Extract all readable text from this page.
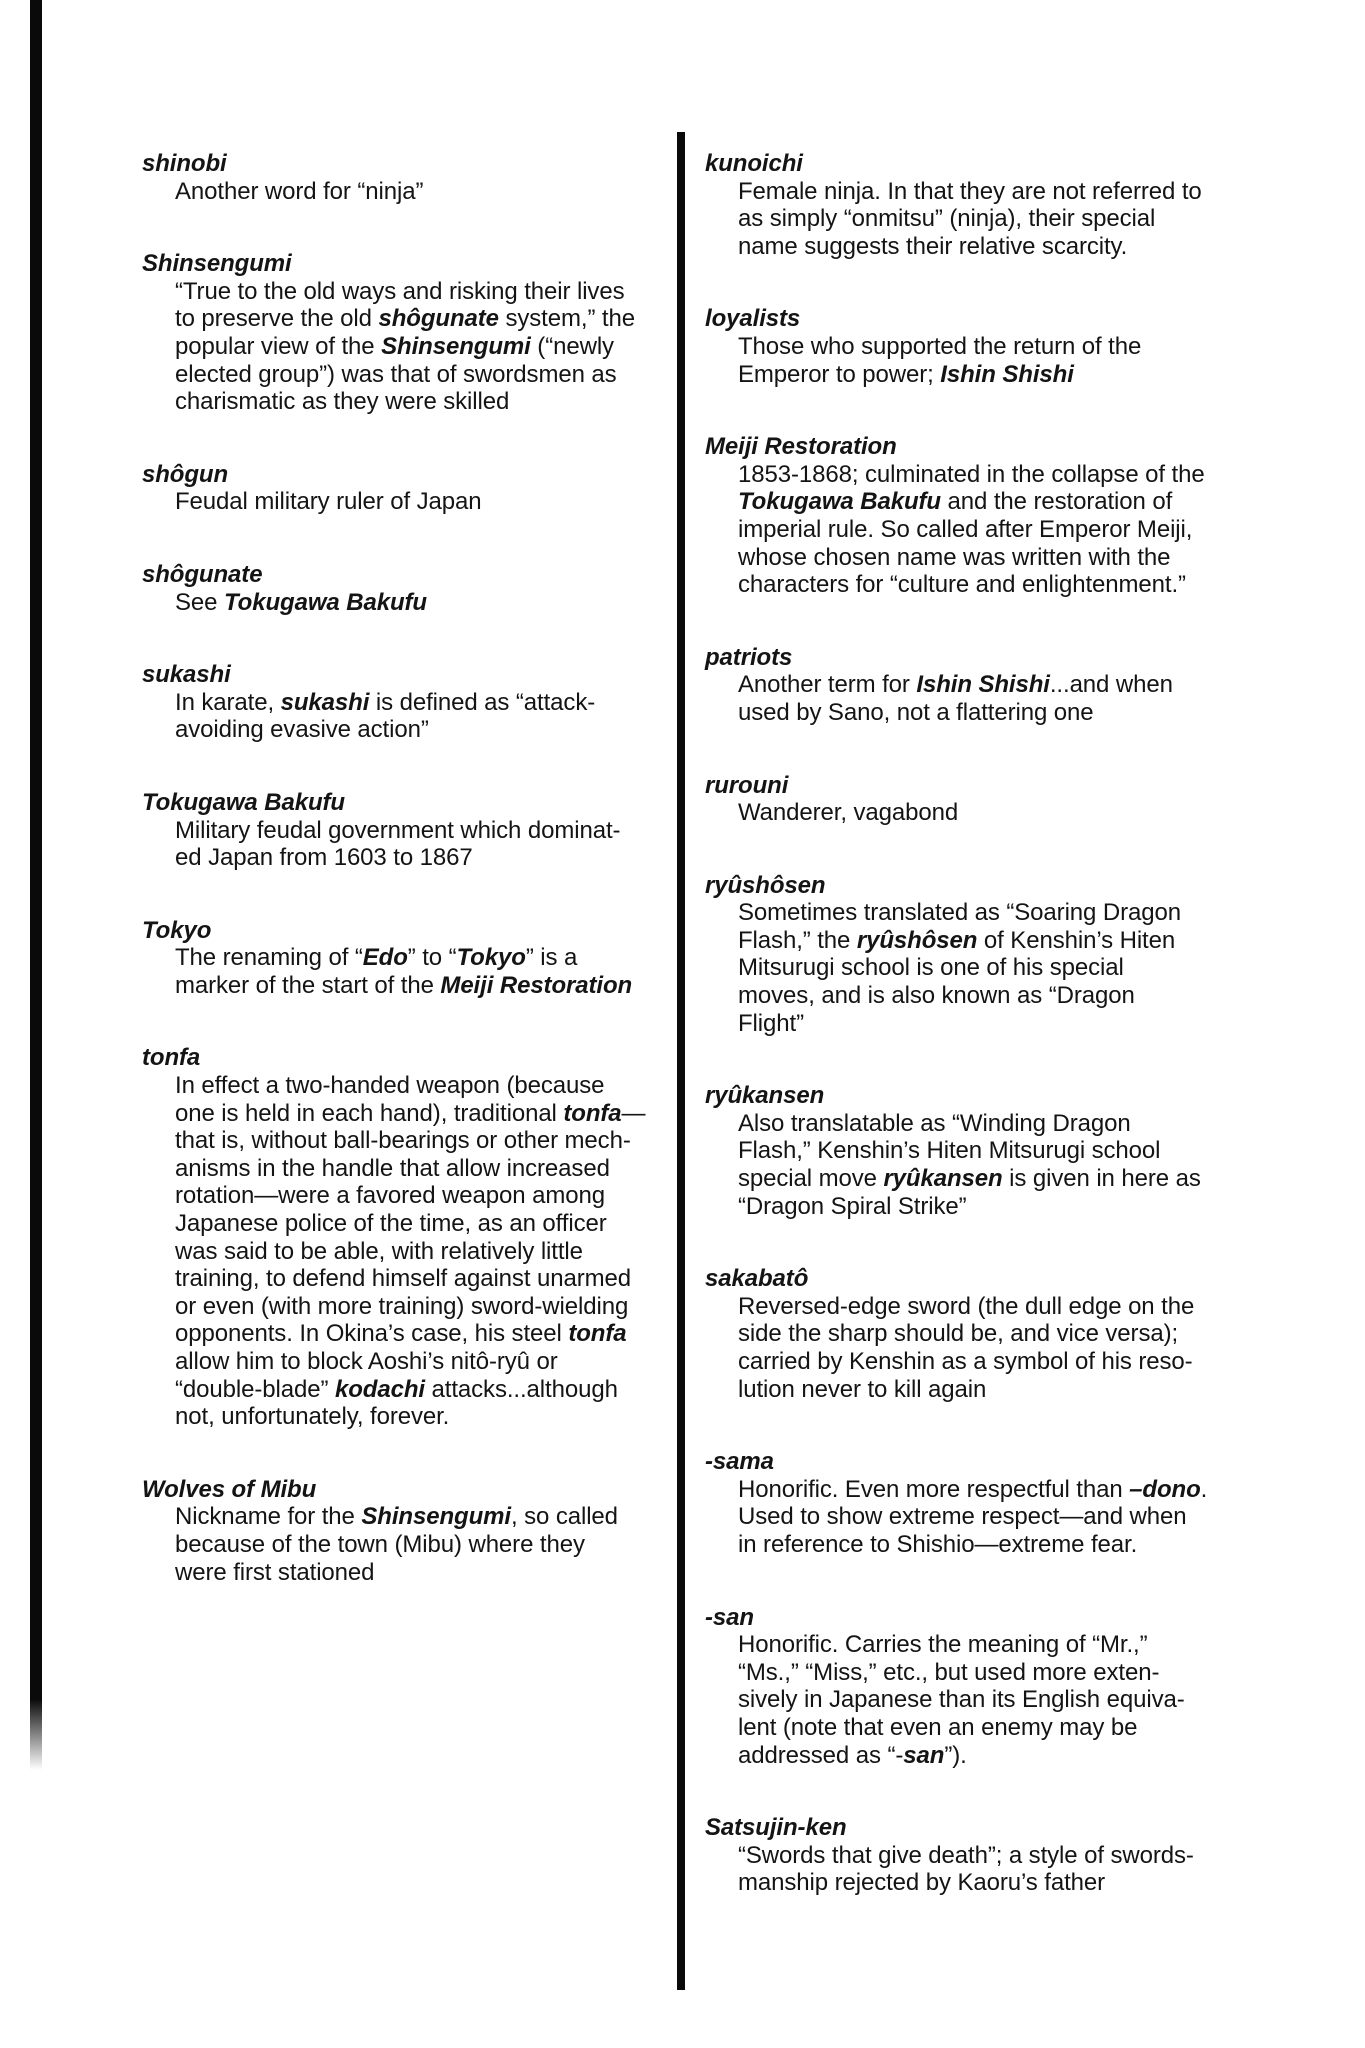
shinobi
Another word for “ninja”
Shinsengumi
“True to the old ways and risking their lives
to preserve the old shôgunate system,” the
popular view of the Shinsengumi (“newly
elected group”) was that of swordsmen as
charismatic as they were skilled
shôgun
Feudal military ruler of Japan
shôgunate
See Tokugawa Bakufu
sukashi
In karate, sukashi is defined as “attack-
avoiding evasive action”
Tokugawa Bakufu
Military feudal government which dominat-
ed Japan from 1603 to 1867
Tokyo
The renaming of “Edo” to “Tokyo” is a
marker of the start of the Meiji Restoration
tonfa
In effect a two-handed weapon (because
one is held in each hand), traditional tonfa—
that is, without ball-bearings or other mech-
anisms in the handle that allow increased
rotation—were a favored weapon among
Japanese police of the time, as an officer
was said to be able, with relatively little
training, to defend himself against unarmed
or even (with more training) sword-wielding
opponents. In Okina’s case, his steel tonfa
allow him to block Aoshi’s nitô-ryû or
“double-blade” kodachi attacks...although
not, unfortunately, forever.
Wolves of Mibu
Nickname for the Shinsengumi, so called
because of the town (Mibu) where they
were first stationed
kunoichi
Female ninja. In that they are not referred to
as simply “onmitsu” (ninja), their special
name suggests their relative scarcity.
loyalists
Those who supported the return of the
Emperor to power; Ishin Shishi
Meiji Restoration
1853-1868; culminated in the collapse of the
Tokugawa Bakufu and the restoration of
imperial rule. So called after Emperor Meiji,
whose chosen name was written with the
characters for “culture and enlightenment.”
patriots
Another term for Ishin Shishi...and when
used by Sano, not a flattering one
rurouni
Wanderer, vagabond
ryûshôsen
Sometimes translated as “Soaring Dragon
Flash,” the ryûshôsen of Kenshin’s Hiten
Mitsurugi school is one of his special
moves, and is also known as “Dragon
Flight”
ryûkansen
Also translatable as “Winding Dragon
Flash,” Kenshin’s Hiten Mitsurugi school
special move ryûkansen is given in here as
“Dragon Spiral Strike”
sakabatô
Reversed-edge sword (the dull edge on the
side the sharp should be, and vice versa);
carried by Kenshin as a symbol of his reso-
lution never to kill again
-sama
Honorific. Even more respectful than –dono.
Used to show extreme respect—and when
in reference to Shishio—extreme fear.
-san
Honorific. Carries the meaning of “Mr.,”
“Ms.,” “Miss,” etc., but used more exten-
sively in Japanese than its English equiva-
lent (note that even an enemy may be
addressed as “-san”).
Satsujin-ken
“Swords that give death”; a style of swords-
manship rejected by Kaoru’s father
